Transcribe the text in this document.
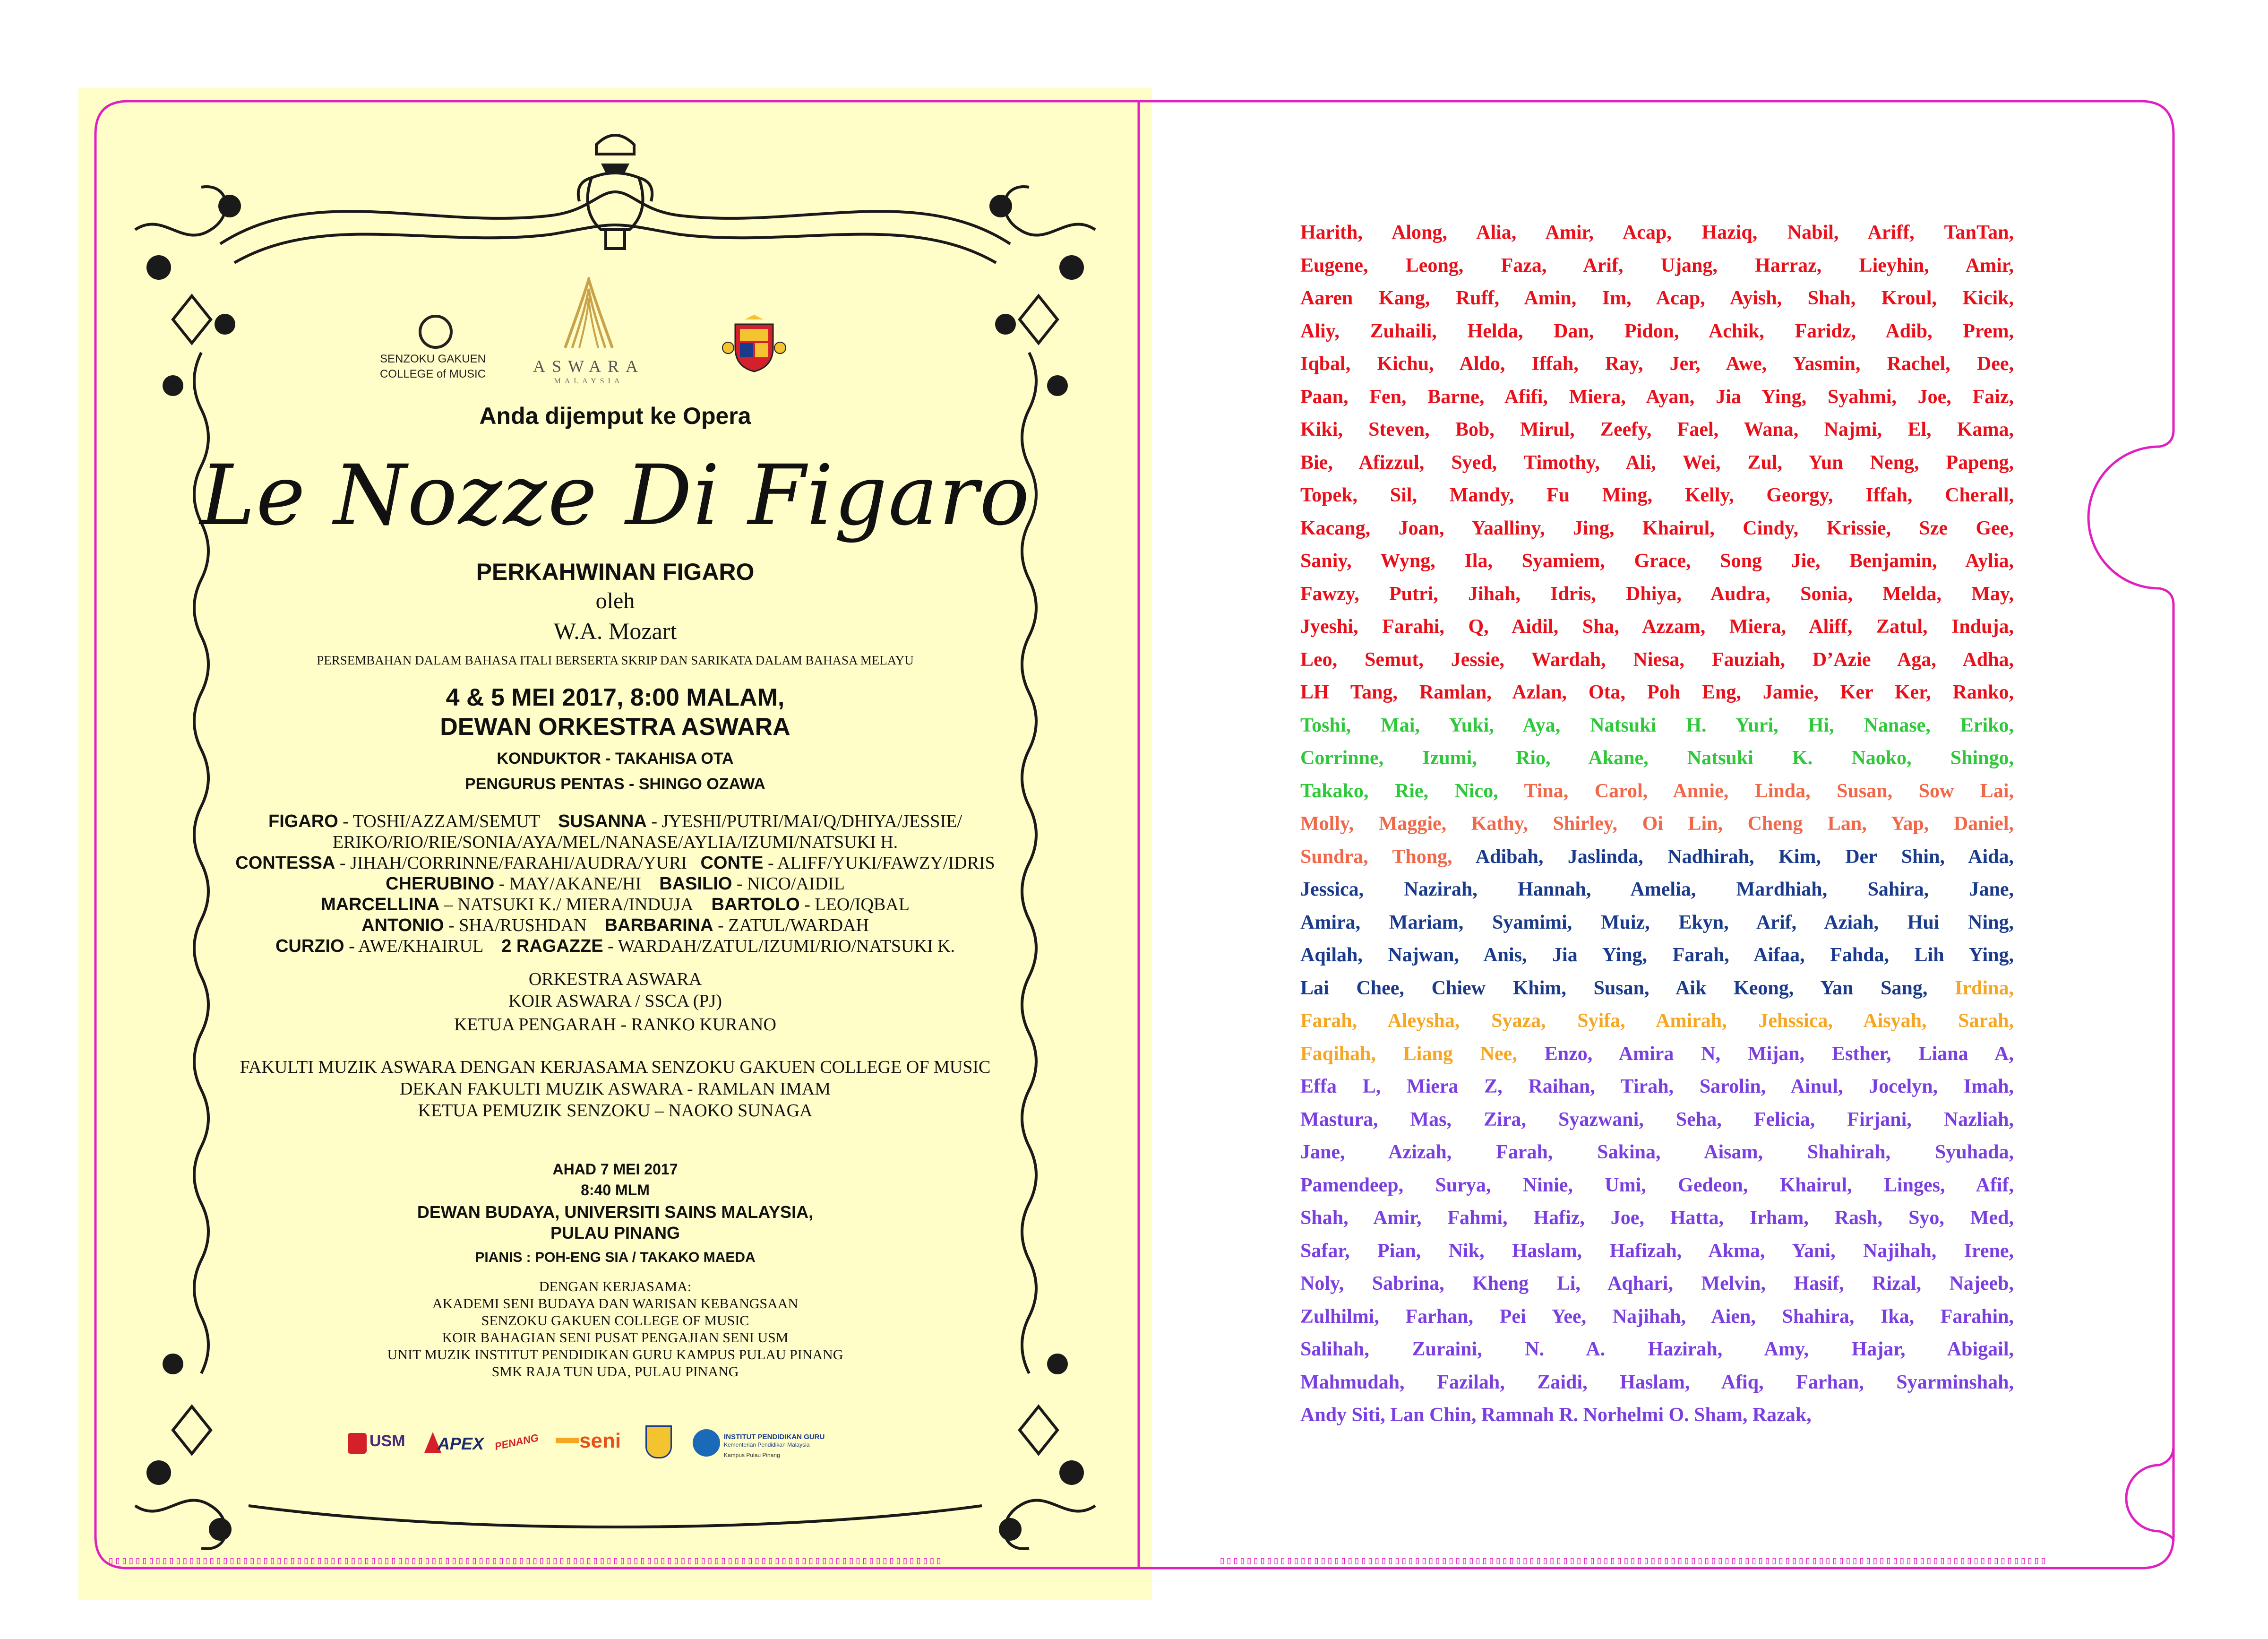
▯▯▯▯▯▯▯▯▯▯▯▯▯▯▯▯▯▯▯▯▯▯▯▯▯▯▯▯▯▯▯▯▯▯▯▯▯▯▯▯▯▯▯▯▯▯▯▯▯▯▯▯▯▯▯▯▯▯▯▯▯▯▯▯▯▯▯▯▯▯▯▯▯▯▯▯▯▯▯▯▯▯▯▯▯▯▯▯▯▯▯▯▯▯▯▯▯▯▯▯▯▯▯▯▯▯▯▯▯▯▯▯▯▯▯▯▯▯▯▯▯▯▯▯	▯▯▯▯▯▯▯▯▯▯▯▯▯▯▯▯▯▯▯▯▯▯▯▯▯▯▯▯▯▯▯▯▯▯▯▯▯▯▯▯▯▯▯▯▯▯▯▯▯▯▯▯▯▯▯▯▯▯▯▯▯▯▯▯▯▯▯▯▯▯▯▯▯▯▯▯▯▯▯▯▯▯▯▯▯▯▯▯▯▯▯▯▯▯▯▯▯▯▯▯▯▯▯▯▯▯▯▯▯▯▯▯▯▯▯▯▯▯▯▯▯▯▯
SENZOKU GAKUEN
COLLEGE of MUSIC	ASWARA
MALAYSIA
Anda dijemput ke Opera
Le Nozze Di Figaro
PERKAHWINAN FIGARO
oleh
W.A. Mozart
PERSEMBAHAN DALAM BAHASA ITALI BERSERTA SKRIP DAN SARIKATA DALAM BAHASA MELAYU
4 & 5 MEI 2017, 8:00 MALAM,
DEWAN ORKESTRA ASWARA
KONDUKTOR - TAKAHISA OTA
PENGURUS PENTAS - SHINGO OZAWA
FIGARO - TOSHI/AZZAM/SEMUT SUSANNA - JYESHI/PUTRI/MAI/Q/DHIYA/JESSIE/
ERIKO/RIO/RIE/SONIA/AYA/MEL/NANASE/AYLIA/IZUMI/NATSUKI H.
CONTESSA - JIHAH/CORRINNE/FARAHI/AUDRA/YURI CONTE - ALIFF/YUKI/FAWZY/IDRIS
CHERUBINO - MAY/AKANE/HI BASILIO - NICO/AIDIL
MARCELLINA – NATSUKI K./ MIERA/INDUJA BARTOLO - LEO/IQBAL
ANTONIO - SHA/RUSHDAN BARBARINA - ZATUL/WARDAH
CURZIO - AWE/KHAIRUL 2 RAGAZZE - WARDAH/ZATUL/IZUMI/RIO/NATSUKI K.
ORKESTRA ASWARA
KOIR ASWARA / SSCA (PJ)
KETUA PENGARAH - RANKO KURANO
FAKULTI MUZIK ASWARA DENGAN KERJASAMA SENZOKU GAKUEN COLLEGE OF MUSIC
DEKAN FAKULTI MUZIK ASWARA - RAMLAN IMAM
KETUA PEMUZIK SENZOKU – NAOKO SUNAGA
AHAD 7 MEI 2017
8:40 MLM
DEWAN BUDAYA, UNIVERSITI SAINS MALAYSIA,
PULAU PINANG
PIANIS : POH-ENG SIA / TAKAKO MAEDA
DENGAN KERJASAMA:
AKADEMI SENI BUDAYA DAN WARISAN KEBANGSAAN
SENZOKU GAKUEN COLLEGE OF MUSIC
KOIR BAHAGIAN SENI PUSAT PENGAJIAN SENI USM
UNIT MUZIK INSTITUT PENDIDIKAN GURU KAMPUS PULAU PINANG
SMK RAJA TUN UDA, PULAU PINANG
USM APEX PENANG	seni	INSTITUT PENDIDIKAN GURU
Kementerian Pendidikan Malaysia
Kampus Pulau Pinang
Harith, Along, Alia, Amir, Acap, Haziq, Nabil, Ariff, TanTan,
Eugene, Leong, Faza, Arif, Ujang, Harraz, Lieyhin, Amir,
Aaren Kang, Ruff, Amin, Im, Acap, Ayish, Shah, Kroul, Kicik,
Aliy, Zuhaili, Helda, Dan, Pidon, Achik, Faridz, Adib, Prem,
Iqbal, Kichu, Aldo, Iffah, Ray, Jer, Awe, Yasmin, Rachel, Dee,
Paan, Fen, Barne, Afifi, Miera, Ayan, Jia Ying, Syahmi, Joe, Faiz,
Kiki, Steven, Bob, Mirul, Zeefy, Fael, Wana, Najmi, El, Kama,
Bie, Afizzul, Syed, Timothy, Ali, Wei, Zul, Yun Neng, Papeng,
Topek, Sil, Mandy, Fu Ming, Kelly, Georgy, Iffah, Cherall,
Kacang, Joan, Yaalliny, Jing, Khairul, Cindy, Krissie, Sze Gee,
Saniy, Wyng, Ila, Syamiem, Grace, Song Jie, Benjamin, Aylia,
Fawzy, Putri, Jihah, Idris, Dhiya, Audra, Sonia, Melda, May,
Jyeshi, Farahi, Q, Aidil, Sha, Azzam, Miera, Aliff, Zatul, Induja,
Leo, Semut, Jessie, Wardah, Niesa, Fauziah, D’Azie Aga, Adha,
LH Tang, Ramlan, Azlan, Ota, Poh Eng, Jamie, Ker Ker, Ranko,
Toshi, Mai, Yuki, Aya, Natsuki H. Yuri, Hi, Nanase, Eriko,
Corrinne, Izumi, Rio, Akane, Natsuki K. Naoko, Shingo,
Takako, Rie, Nico, Tina, Carol, Annie, Linda, Susan, Sow Lai,
Molly, Maggie, Kathy, Shirley, Oi Lin, Cheng Lan, Yap, Daniel,
Sundra, Thong, Adibah, Jaslinda, Nadhirah, Kim, Der Shin, Aida,
Jessica, Nazirah, Hannah, Amelia, Mardhiah, Sahira, Jane,
Amira, Mariam, Syamimi, Muiz, Ekyn, Arif, Aziah, Hui Ning,
Aqilah, Najwan, Anis, Jia Ying, Farah, Aifaa, Fahda, Lih Ying,
Lai Chee, Chiew Khim, Susan, Aik Keong, Yan Sang, Irdina,
Farah, Aleysha, Syaza, Syifa, Amirah, Jehssica, Aisyah, Sarah,
Faqihah, Liang Nee, Enzo, Amira N, Mijan, Esther, Liana A,
Effa L, Miera Z, Raihan, Tirah, Sarolin, Ainul, Jocelyn, Imah,
Mastura, Mas, Zira, Syazwani, Seha, Felicia, Firjani, Nazliah,
Jane, Azizah, Farah, Sakina, Aisam, Shahirah, Syuhada,
Pamendeep, Surya, Ninie, Umi, Gedeon, Khairul, Linges, Afif,
Shah, Amir, Fahmi, Hafiz, Joe, Hatta, Irham, Rash, Syo, Med,
Safar, Pian, Nik, Haslam, Hafizah, Akma, Yani, Najihah, Irene,
Noly, Sabrina, Kheng Li, Aqhari, Melvin, Hasif, Rizal, Najeeb,
Zulhilmi, Farhan, Pei Yee, Najihah, Aien, Shahira, Ika, Farahin,
Salihah, Zuraini, N. A. Hazirah, Amy, Hajar, Abigail,
Mahmudah, Fazilah, Zaidi, Haslam, Afiq, Farhan, Syarminshah,
Andy Siti, Lan Chin, Ramnah R. Norhelmi O. Sham, Razak,
